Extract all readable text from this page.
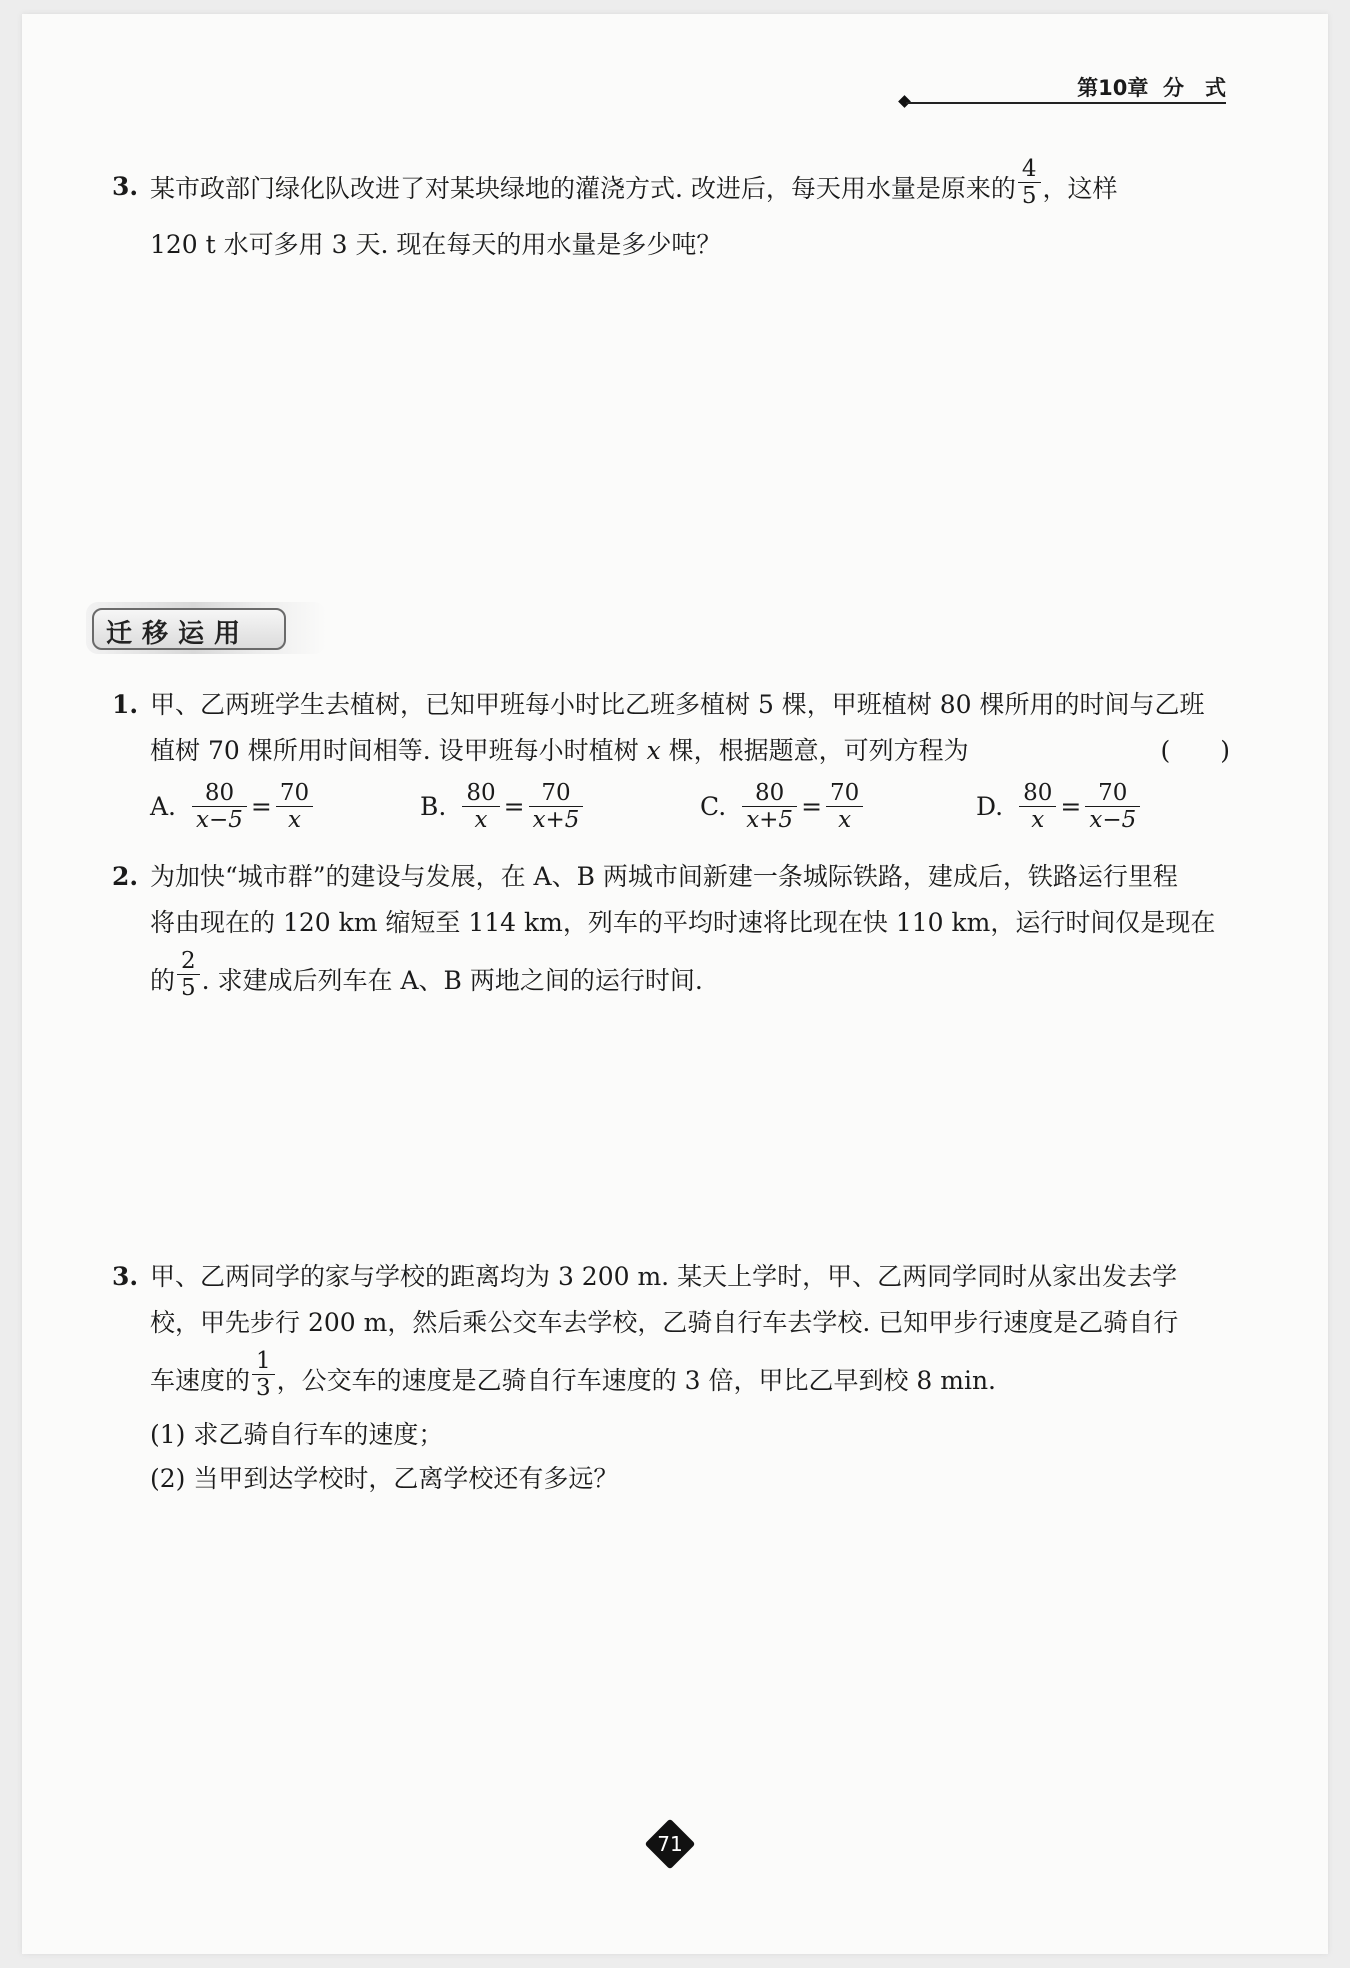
第10章 分　式
3. 某市政部门绿化队改进了对某块绿地的灌浇方式. 改进后，每天用水量是原来的 $\frac{4}{5}$ ，这样
120 t 水可多用 3 天. 现在每天的用水量是多少吨？
迁移运用
1. 甲、乙两班学生去植树，已知甲班每小时比乙班多植树 5 棵，甲班植树 80 棵所用的时间与乙班
植树 70 棵所用时间相等. 设甲班每小时植树 x 棵，根据题意，可列方程为	(　　)
A. $\frac{80}{x-5} = \frac{70}{x}$	B. $\frac{80}{x} = \frac{70}{x+5}$	C. $\frac{80}{x+5} = \frac{70}{x}$	D. $\frac{80}{x} = \frac{70}{x-5}$
2. 为加快“城市群”的建设与发展，在 A、B 两城市间新建一条城际铁路，建成后，铁路运行里程
将由现在的 120 km 缩短至 114 km，列车的平均时速将比现在快 110 km，运行时间仅是现在
的 $\frac{2}{5}$ . 求建成后列车在 A、B 两地之间的运行时间.
3. 甲、乙两同学的家与学校的距离均为 3 200 m. 某天上学时，甲、乙两同学同时从家出发去学
校，甲先步行 200 m，然后乘公交车去学校，乙骑自行车去学校. 已知甲步行速度是乙骑自行
车速度的 $\frac{1}{3}$ ，公交车的速度是乙骑自行车速度的 3 倍，甲比乙早到校 8 min.
(1) 求乙骑自行车的速度；
(2) 当甲到达学校时，乙离学校还有多远？
71
